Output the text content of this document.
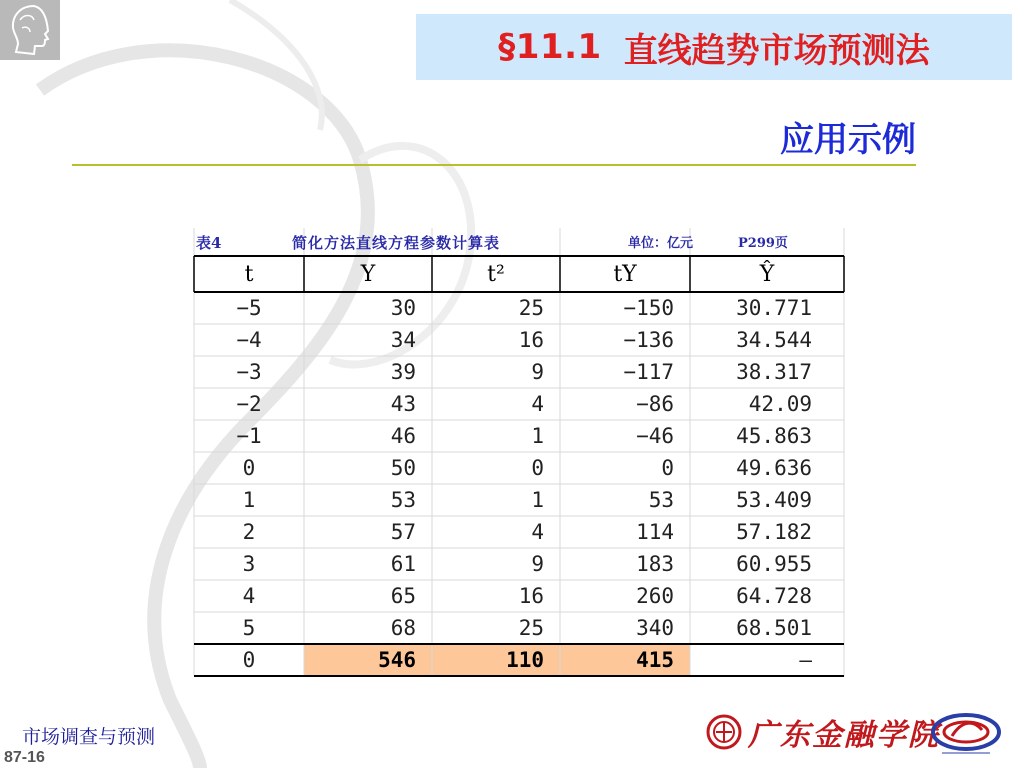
§11.1 直线趋势市场预测法
应用示例
表4	简化方法直线方程参数计算表	单位：亿元	P299页
t	Y	t²	tY	Ŷ
−5	30	25	−150	30.771
−4	34	16	−136	34.544
−3	39	9	−117	38.317
−2	43	4	−86	42.09
−1	46	1	−46	45.863
0	50	0	0	49.636
1	53	1	53	53.409
2	57	4	114	57.182
3	61	9	183	60.955
4	65	16	260	64.728
5	68	25	340	68.501
0	546	110	415	—
市场调查与预测
87-16
广东金融学院
